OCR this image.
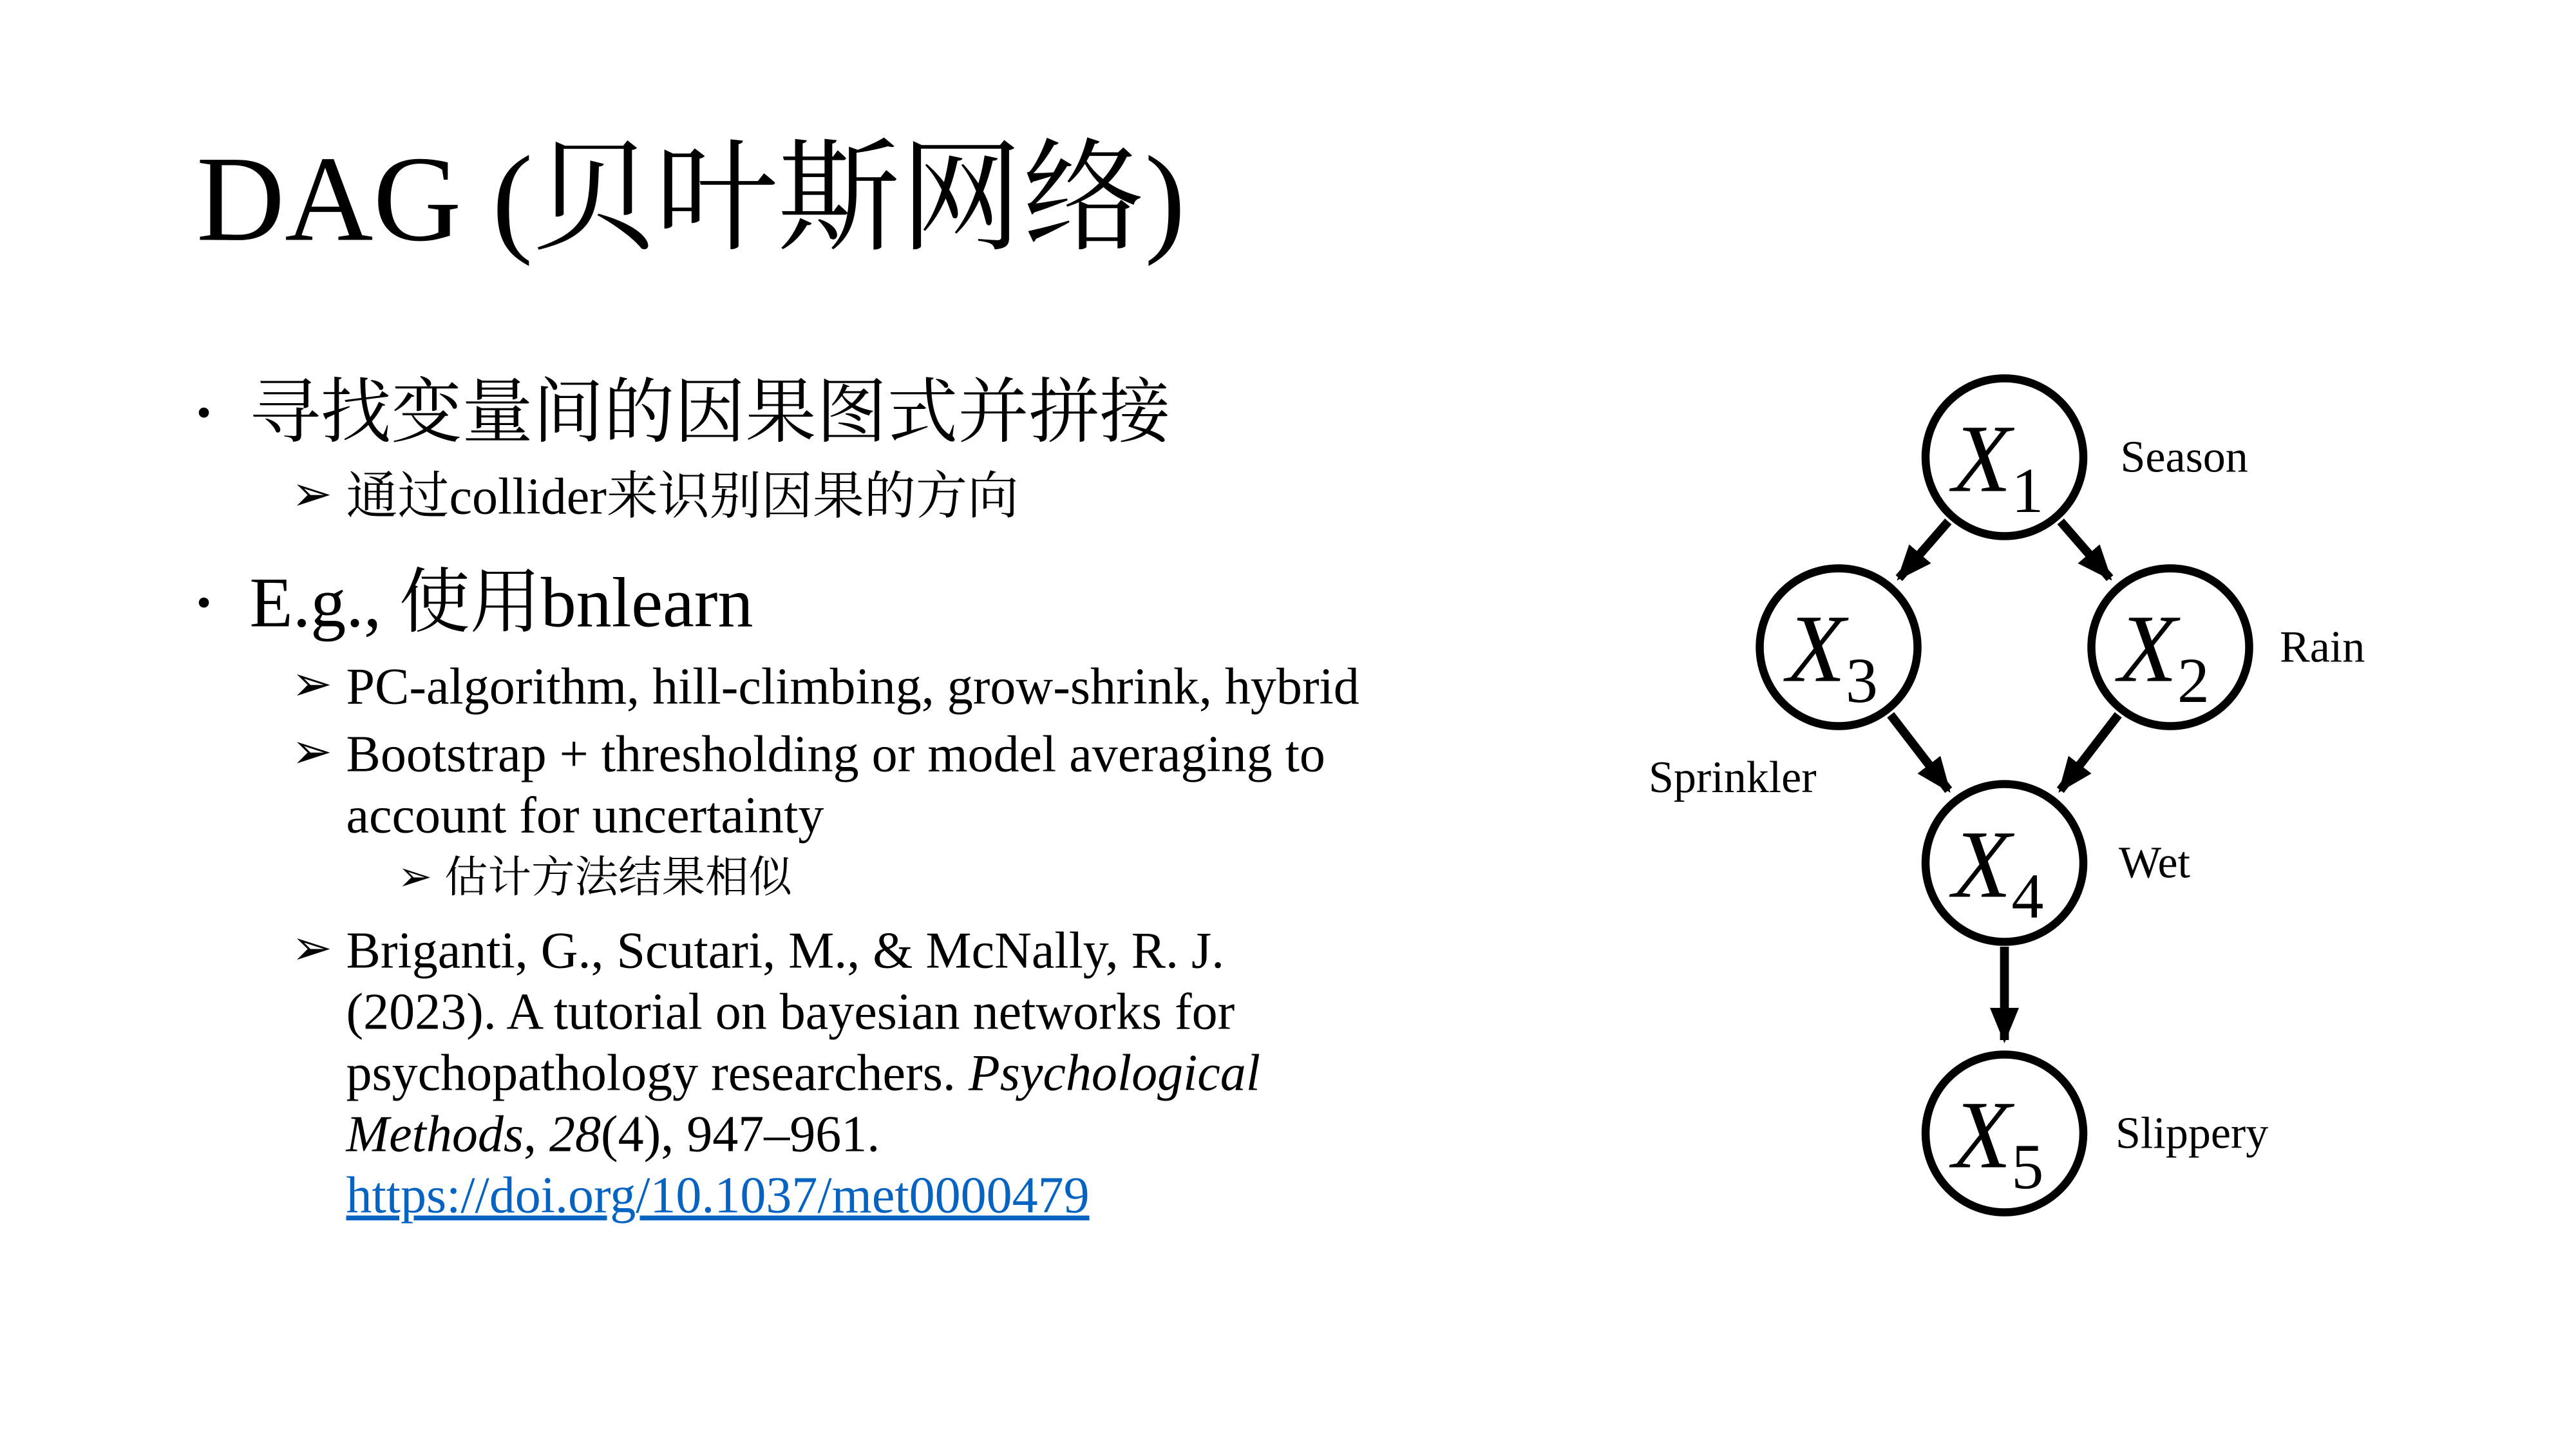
DAG (贝叶斯网络)
•	寻找变量间的因果图式并拼接
➢ 通过collider来识别因果的方向
•	E.g., 使用bnlearn
➢ PC-algorithm, hill-climbing, grow-shrink, hybrid
➢ Bootstrap + thresholding or model averaging to account for uncertainty
➢ 估计方法结果相似
➢ Briganti, G., Scutari, M., & McNally, R. J. (2023). A tutorial on bayesian networks for psychopathology researchers. Psychological Methods, 28(4), 947–961. https://doi.org/10.1037/met0000479
$X_1$	Season
$X_3$
Sprinkler
$X_2$	Rain
$X_4$	Wet
$X_5$	Slippery
